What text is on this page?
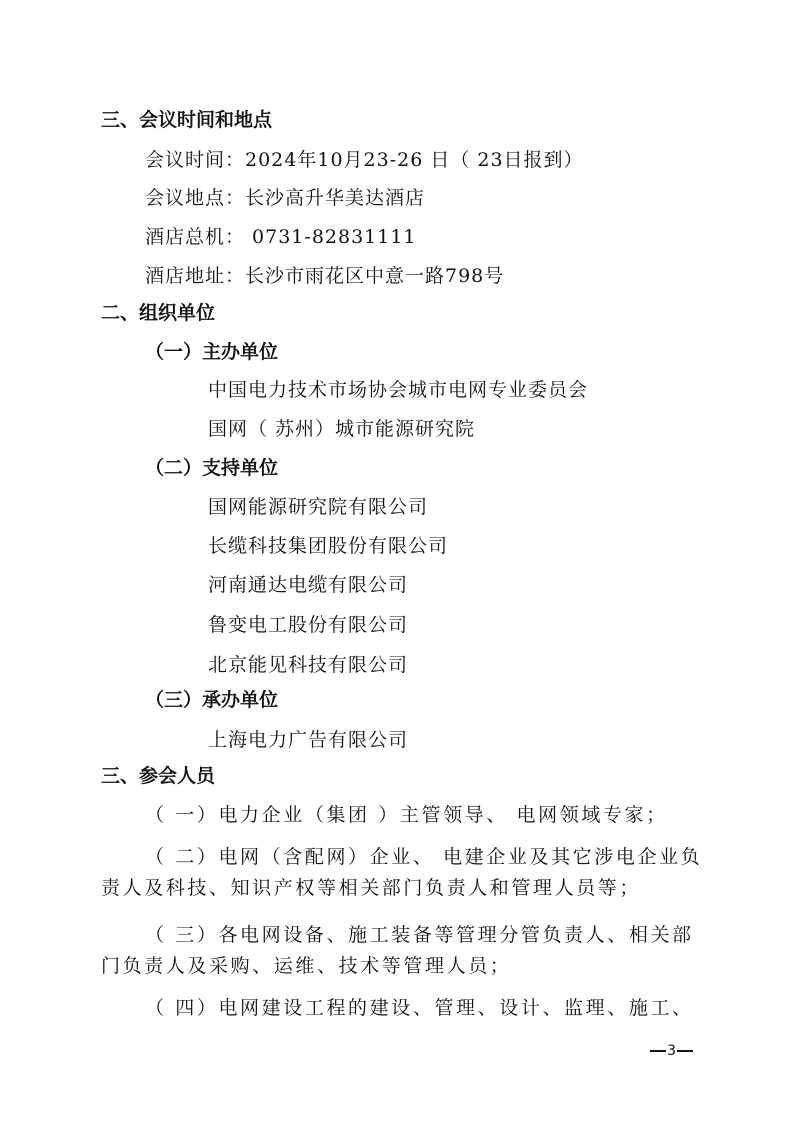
三、会议时间和地点
会议时间：2024年10月23-26 日（ 23日报到）
会议地点：长沙高升华美达酒店
酒店总机： 0731-82831111
酒店地址：长沙市雨花区中意一路798号
二、组织单位
（一）主办单位
中国电力技术市场协会城市电网专业委员会
国网（ 苏州）城市能源研究院
（二）支持单位
国网能源研究院有限公司
长缆科技集团股份有限公司
河南通达电缆有限公司
鲁变电工股份有限公司
北京能见科技有限公司
（三）承办单位
上海电力广告有限公司
三、参会人员
（ 一）电力企业（集团 ）主管领导、 电网领域专家；
（ 二）电网（含配网）企业、 电建企业及其它涉电企业负
责人及科技、知识产权等相关部门负责人和管理人员等；
（ 三）各电网设备、施工装备等管理分管负责人、相关部
门负责人及采购、运维、技术等管理人员；
（ 四）电网建设工程的建设、管理、设计、监理、施工、
3
